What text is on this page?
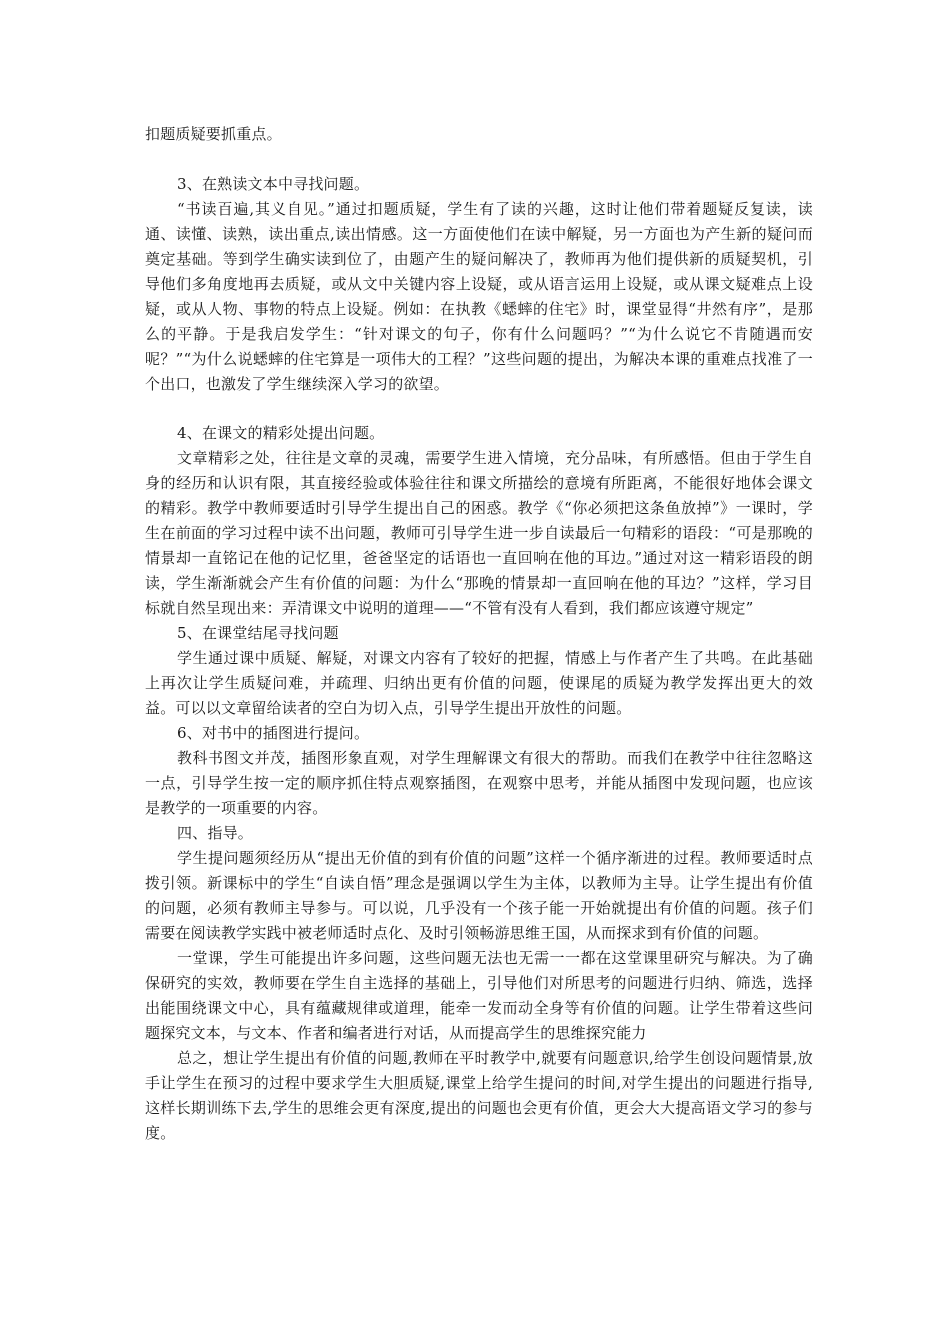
扣题质疑要抓重点。

3、在熟读文本中寻找问题。

“书读百遍,其义自见。”通过扣题质疑，学生有了读的兴趣，这时让他们带着题疑反复读，读通、读懂、读熟，读出重点,读出情感。这一方面使他们在读中解疑，另一方面也为产生新的疑问而奠定基础。等到学生确实读到位了，由题产生的疑问解决了，教师再为他们提供新的质疑契机，引导他们多角度地再去质疑，或从文中关键内容上设疑，或从语言运用上设疑，或从课文疑难点上设疑，或从人物、事物的特点上设疑。例如：在执教《蟋蟀的住宅》时，课堂显得“井然有序”，是那么的平静。于是我启发学生：“针对课文的句子，你有什么问题吗？”“为什么说它不肯随遇而安呢？”“为什么说蟋蟀的住宅算是一项伟大的工程？”这些问题的提出，为解决本课的重难点找准了一个出口，也激发了学生继续深入学习的欲望。

4、在课文的精彩处提出问题。

文章精彩之处，往往是文章的灵魂，需要学生进入情境，充分品味，有所感悟。但由于学生自身的经历和认识有限，其直接经验或体验往往和课文所描绘的意境有所距离，不能很好地体会课文的精彩。教学中教师要适时引导学生提出自己的困惑。教学《“你必须把这条鱼放掉”》一课时，学生在前面的学习过程中读不出问题，教师可引导学生进一步自读最后一句精彩的语段：“可是那晚的情景却一直铭记在他的记忆里，爸爸坚定的话语也一直回响在他的耳边。”通过对这一精彩语段的朗读，学生渐渐就会产生有价值的问题：为什么“那晚的情景却一直回响在他的耳边？”这样，学习目标就自然呈现出来：弄清课文中说明的道理——“不管有没有人看到，我们都应该遵守规定”

5、在课堂结尾寻找问题

学生通过课中质疑、解疑，对课文内容有了较好的把握，情感上与作者产生了共鸣。在此基础上再次让学生质疑问难，并疏理、归纳出更有价值的问题，使课尾的质疑为教学发挥出更大的效益。可以以文章留给读者的空白为切入点，引导学生提出开放性的问题。

6、对书中的插图进行提问。

教科书图文并茂，插图形象直观，对学生理解课文有很大的帮助。而我们在教学中往往忽略这一点，引导学生按一定的顺序抓住特点观察插图，在观察中思考，并能从插图中发现问题，也应该是教学的一项重要的内容。

四、指导。

学生提问题须经历从“提出无价值的到有价值的问题”这样一个循序渐进的过程。教师要适时点拨引领。新课标中的学生“自读自悟”理念是强调以学生为主体，以教师为主导。让学生提出有价值的问题，必须有教师主导参与。可以说，几乎没有一个孩子能一开始就提出有价值的问题。孩子们需要在阅读教学实践中被老师适时点化、及时引领畅游思维王国，从而探求到有价值的问题。

一堂课，学生可能提出许多问题，这些问题无法也无需一一都在这堂课里研究与解决。为了确保研究的实效，教师要在学生自主选择的基础上，引导他们对所思考的问题进行归纳、筛选，选择出能围绕课文中心，具有蕴藏规律或道理，能牵一发而动全身等有价值的问题。让学生带着这些问题探究文本，与文本、作者和编者进行对话，从而提高学生的思维探究能力

总之，想让学生提出有价值的问题,教师在平时教学中,就要有问题意识,给学生创设问题情景,放手让学生在预习的过程中要求学生大胆质疑,课堂上给学生提问的时间,对学生提出的问题进行指导,这样长期训练下去,学生的思维会更有深度,提出的问题也会更有价值，更会大大提高语文学习的参与度。
